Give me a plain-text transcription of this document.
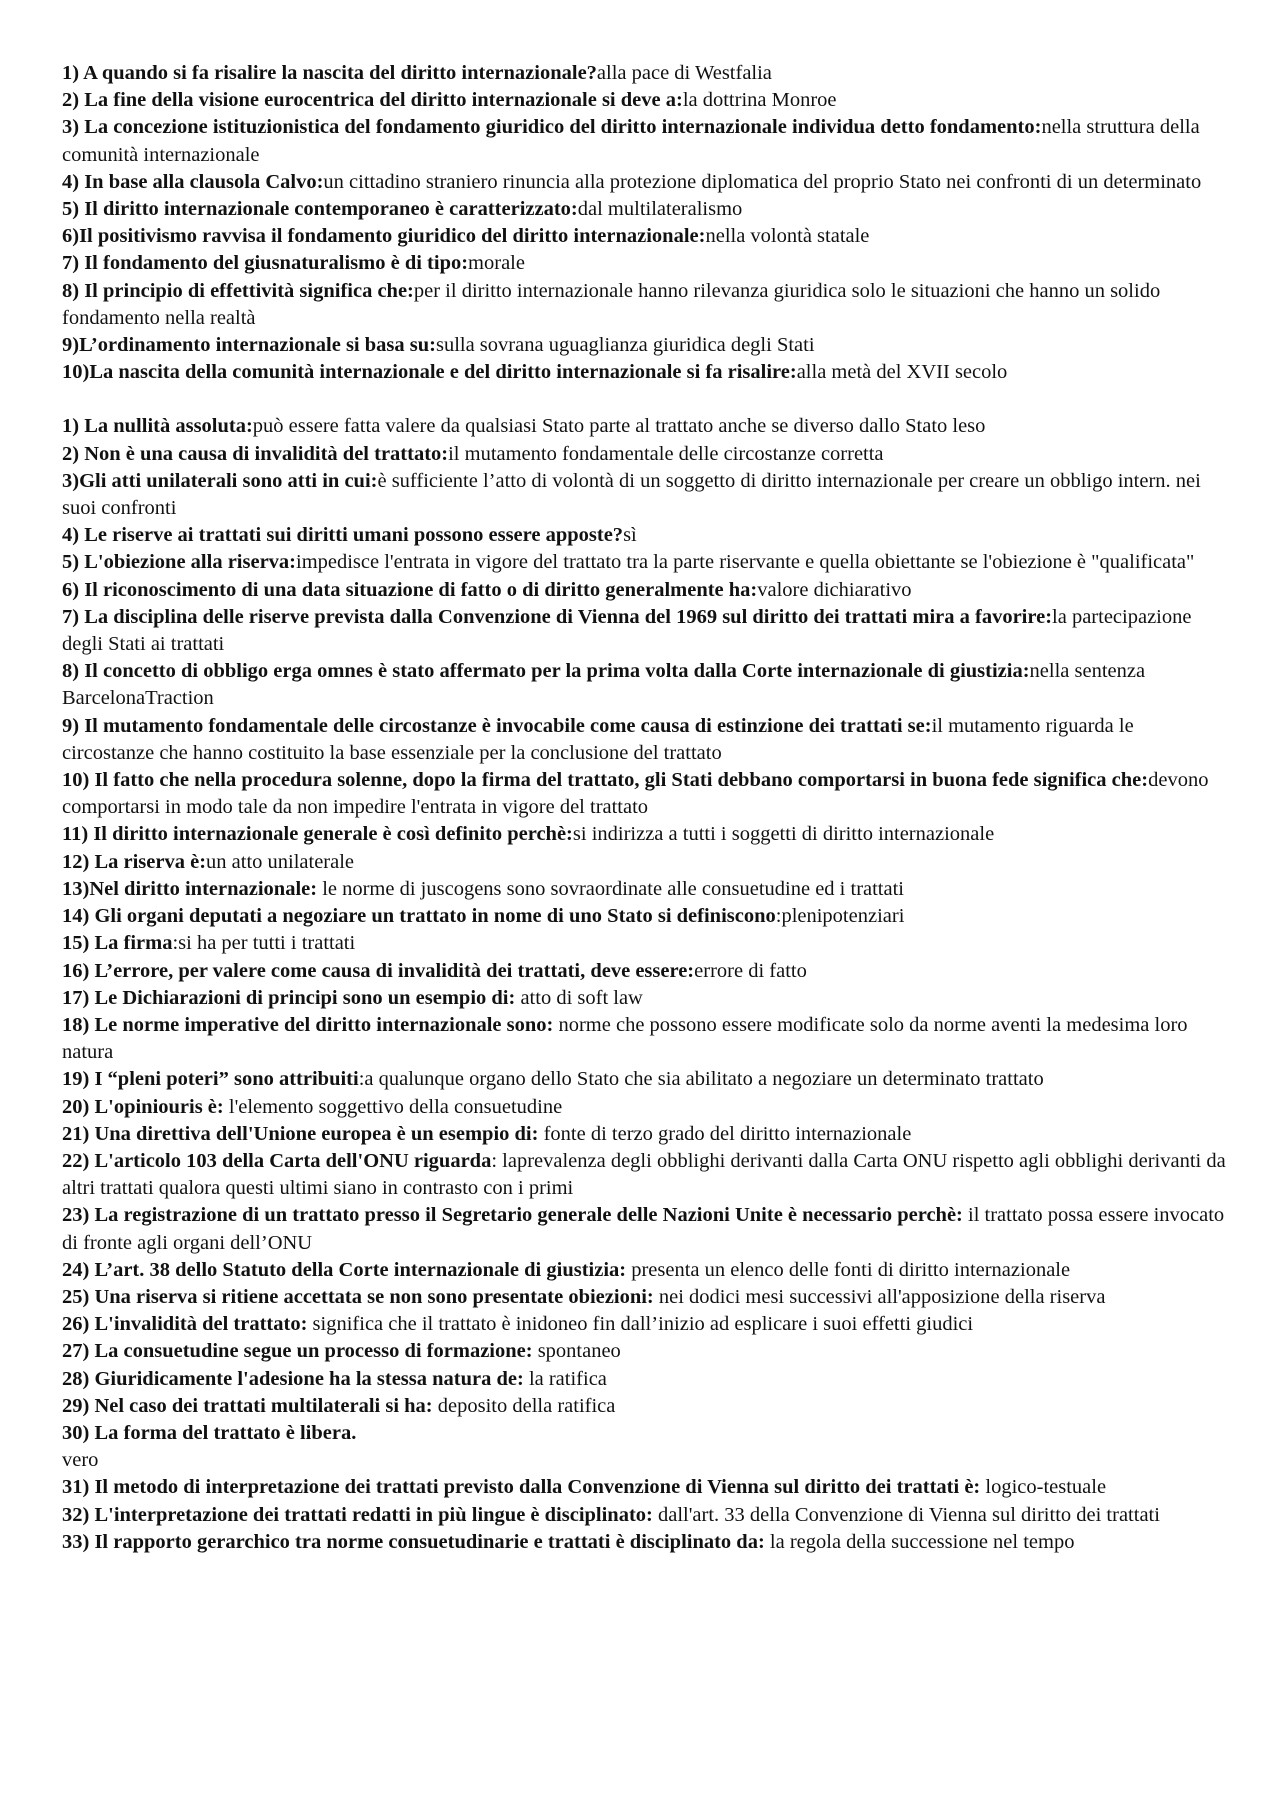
1) A quando si fa risalire la nascita del diritto internazionale?alla pace di Westfalia

2) La fine della visione eurocentrica del diritto internazionale si deve a:la dottrina Monroe

3) La concezione istituzionistica del fondamento giuridico del diritto internazionale individua detto fondamento:nella struttura della comunità internazionale

4) In base alla clausola Calvo:un cittadino straniero rinuncia alla protezione diplomatica del proprio Stato nei confronti di un determinato

5) Il diritto internazionale contemporaneo è caratterizzato:dal multilateralismo

6)Il positivismo ravvisa il fondamento giuridico del diritto internazionale:nella volontà statale

7) Il fondamento del giusnaturalismo è di tipo:morale

8) Il principio di effettività significa che:per il diritto internazionale hanno rilevanza giuridica solo le situazioni che hanno un solido fondamento nella realtà

9)L’ordinamento internazionale si basa su:sulla sovrana uguaglianza giuridica degli Stati

10)La nascita della comunità internazionale e del diritto internazionale si fa risalire:alla metà del XVII secolo

1) La nullità assoluta:può essere fatta valere da qualsiasi Stato parte al trattato anche se diverso dallo Stato leso

2) Non è una causa di invalidità del trattato:il mutamento fondamentale delle circostanze corretta

3)Gli atti unilaterali sono atti in cui:è sufficiente l’atto di volontà di un soggetto di diritto internazionale per creare un obbligo intern. nei suoi confronti

4) Le riserve ai trattati sui diritti umani possono essere apposte?sì

5) L'obiezione alla riserva:impedisce l'entrata in vigore del trattato tra la parte riservante e quella obiettante se l'obiezione è "qualificata"

6) Il riconoscimento di una data situazione di fatto o di diritto generalmente ha:valore dichiarativo

7) La disciplina delle riserve prevista dalla Convenzione di Vienna del 1969 sul diritto dei trattati mira a favorire:la partecipazione degli Stati ai trattati

8) Il concetto di obbligo erga omnes è stato affermato per la prima volta dalla Corte internazionale di giustizia:nella sentenza BarcelonaTraction

9) Il mutamento fondamentale delle circostanze è invocabile come causa di estinzione dei trattati se:il mutamento riguarda le circostanze che hanno costituito la base essenziale per la conclusione del trattato

10) Il fatto che nella procedura solenne, dopo la firma del trattato, gli Stati debbano comportarsi in buona fede significa che:devono comportarsi in modo tale da non impedire l'entrata in vigore del trattato

11) Il diritto internazionale generale è così definito perchè:si indirizza a tutti i soggetti di diritto internazionale

12) La riserva è:un atto unilaterale

13)Nel diritto internazionale: le norme di juscogens sono sovraordinate alle consuetudine ed i trattati

14) Gli organi deputati a negoziare un trattato in nome di uno Stato si definiscono:plenipotenziari

15) La firma:si ha per tutti i trattati

16) L’errore, per valere come causa di invalidità dei trattati, deve essere:errore di fatto

17) Le Dichiarazioni di principi sono un esempio di: atto di soft law

18) Le norme imperative del diritto internazionale sono: norme che possono essere modificate solo da norme aventi la medesima loro natura

19) I “pleni poteri” sono attribuiti:a qualunque organo dello Stato che sia abilitato a negoziare un determinato trattato

20) L'opiniouris è: l'elemento soggettivo della consuetudine

21) Una direttiva dell'Unione europea è un esempio di: fonte di terzo grado del diritto internazionale

22) L'articolo 103 della Carta dell'ONU riguarda: laprevalenza degli obblighi derivanti dalla Carta ONU rispetto agli obblighi derivanti da altri trattati qualora questi ultimi siano in contrasto con i primi

23) La registrazione di un trattato presso il Segretario generale delle Nazioni Unite è necessario perchè: il trattato possa essere invocato di fronte agli organi dell’ONU

24) L’art. 38 dello Statuto della Corte internazionale di giustizia: presenta un elenco delle fonti di diritto internazionale

25) Una riserva si ritiene accettata se non sono presentate obiezioni: nei dodici mesi successivi all'apposizione della riserva

26) L'invalidità del trattato: significa che il trattato è inidoneo fin dall’inizio ad esplicare i suoi effetti giudici

27) La consuetudine segue un processo di formazione: spontaneo

28) Giuridicamente l'adesione ha la stessa natura de: la ratifica

29) Nel caso dei trattati multilaterali si ha: deposito della ratifica

30) La forma del trattato è libera.
vero

31) Il metodo di interpretazione dei trattati previsto dalla Convenzione di Vienna sul diritto dei trattati è: logico-testuale

32) L'interpretazione dei trattati redatti in più lingue è disciplinato: dall'art. 33 della Convenzione di Vienna sul diritto dei trattati

33) Il rapporto gerarchico tra norme consuetudinarie e trattati è disciplinato da: la regola della successione nel tempo
